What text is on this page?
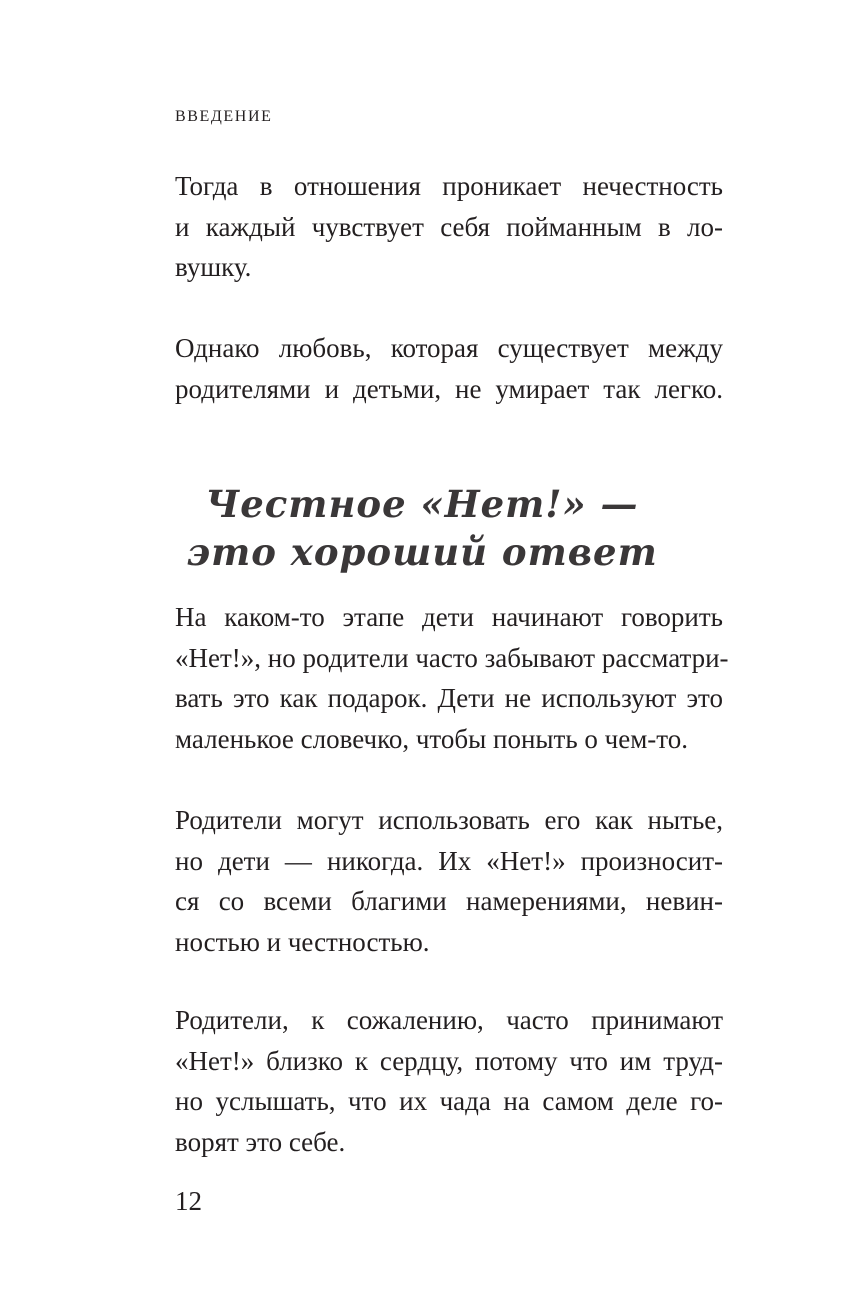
ВВЕДЕНИЕ
Тогда в отношения проникает нечестность
и каждый чувствует себя пойманным в ло-
вушку.
Однако любовь, которая существует между
родителями и детьми, не умирает так легко.
Честное «Нет!» —
это хороший ответ
На каком-то этапе дети начинают говорить
«Нет!», но родители часто забывают рассматри-
вать это как подарок. Дети не используют это
маленькое словечко, чтобы поныть о чем-то.
Родители могут использовать его как нытье,
но дети — никогда. Их «Нет!» произносит-
ся со всеми благими намерениями, невин-
ностью и честностью.
Родители, к сожалению, часто принимают
«Нет!» близко к сердцу, потому что им труд-
но услышать, что их чада на самом деле го-
ворят это себе.
12
